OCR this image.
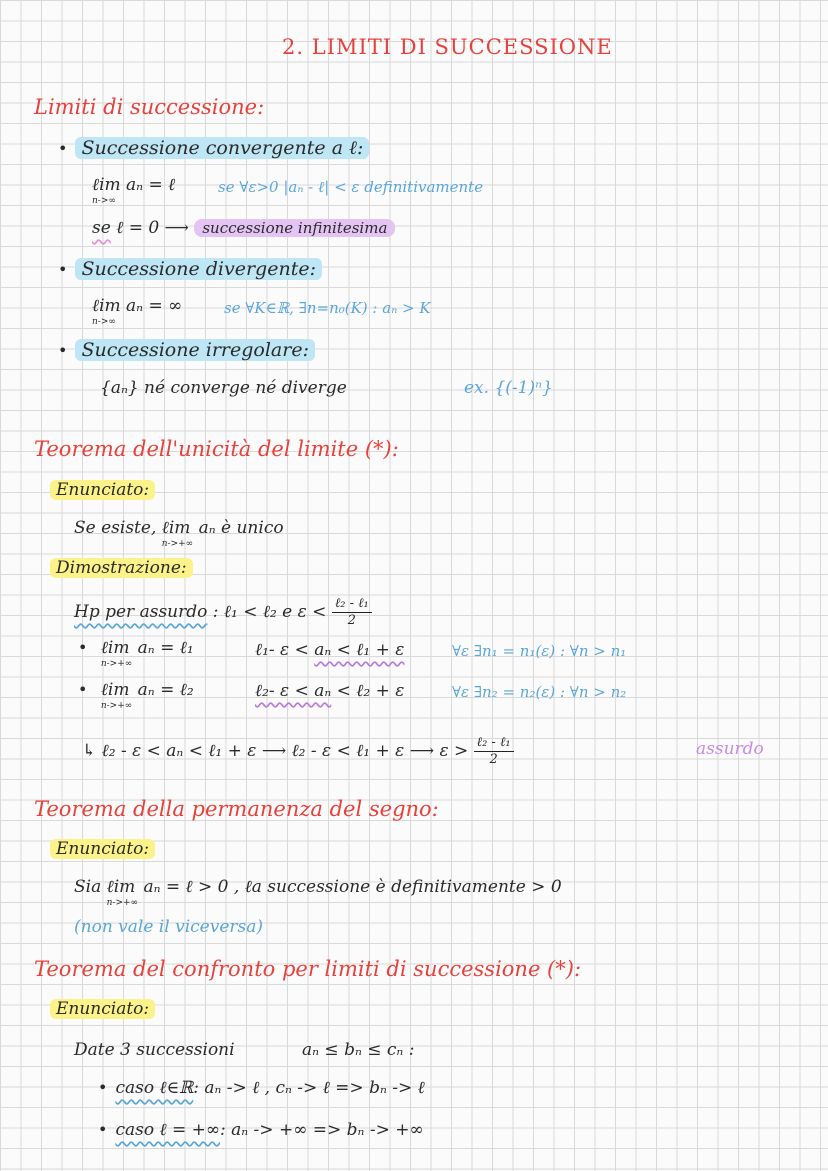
2. LIMITI DI SUCCESSIONE
Limiti di successione:
• Successione convergente a ℓ:
ℓim
n->∞
aₙ = ℓ	se ∀ε>0 |aₙ - ℓ| < ε definitivamente
se ℓ = 0 ⟶ successione infinitesima
• Successione divergente:
ℓim
n->∞
aₙ = ∞	se ∀K∈ℝ, ∃n=n₀(K) : aₙ > K
• Successione irregolare:
{aₙ} né converge né diverge	ex. {(-1)ⁿ}
Teorema dell'unicità del limite (*):
Enunciato:
Se esiste, ℓim
n->+∞
aₙ è unico
Dimostrazione:
Hp per assurdo : ℓ₁ < ℓ₂ e $\varepsilon < \frac{\text{ℓ₂ - ℓ₁}}{2}$
• ℓim
n->+∞
aₙ = ℓ₁	ℓ₁- ε < aₙ < ℓ₁ + ε	∀ε ∃n₁ = n₁(ε) : ∀n > n₁
• ℓim
n->+∞
aₙ = ℓ₂	ℓ₂- ε < aₙ < ℓ₂ + ε	∀ε ∃n₂ = n₂(ε) : ∀n > n₂
↳ ℓ₂ - ε < aₙ < ℓ₁ + ε ⟶ ℓ₂ - ε < ℓ₁ + ε ⟶ $\varepsilon > \frac{\text{ℓ₂ - ℓ₁}}{2}$	assurdo
Teorema della permanenza del segno:
Enunciato:
Sia ℓim
n->+∞
aₙ = ℓ > 0 , ℓa successione è definitivamente > 0
(non vale il viceversa)
Teorema del confronto per limiti di successione (*):
Enunciato:
Date 3 successioni	aₙ ≤ bₙ ≤ cₙ :
• caso ℓ∈ℝ: aₙ -> ℓ , cₙ -> ℓ => bₙ -> ℓ
• caso ℓ = +∞: aₙ -> +∞ => bₙ -> +∞
